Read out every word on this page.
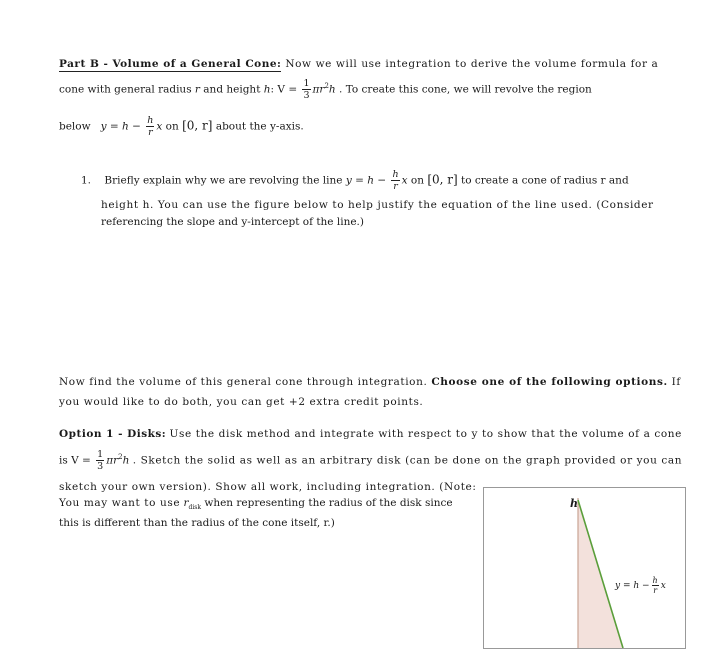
Part B - Volume of a General Cone: Now we will use integration to derive the volume formula for a
cone with general radius r and height h: $V = \frac{1}{3} \pi r^2h$ . To create this cone, we will revolve the region
below $y = h - \frac{h}{r}$ x on [0, r] about the y-axis.
1. Briefly explain why we are revolving the line $y = h - \frac{h}{r}$ x on [0, r] to create a cone of radius r and
height h. You can use the figure below to help justify the equation of the line used. (Consider
referencing the slope and y-intercept of the line.)
Now find the volume of this general cone through integration. Choose one of the following options. If
you would like to do both, you can get +2 extra credit points.
Option 1 - Disks: Use the disk method and integrate with respect to y to show that the volume of a cone
is $V = \frac{1}{3} \pi r^2h$ . Sketch the solid as well as an arbitrary disk (can be done on the graph provided or you can
sketch your own version). Show all work, including integration. (Note:
You may want to use $r_{disk}$ when representing the radius of the disk since
this is different than the radius of the cone itself, r.)
h
$y = h - \frac{h}{r}$ x
